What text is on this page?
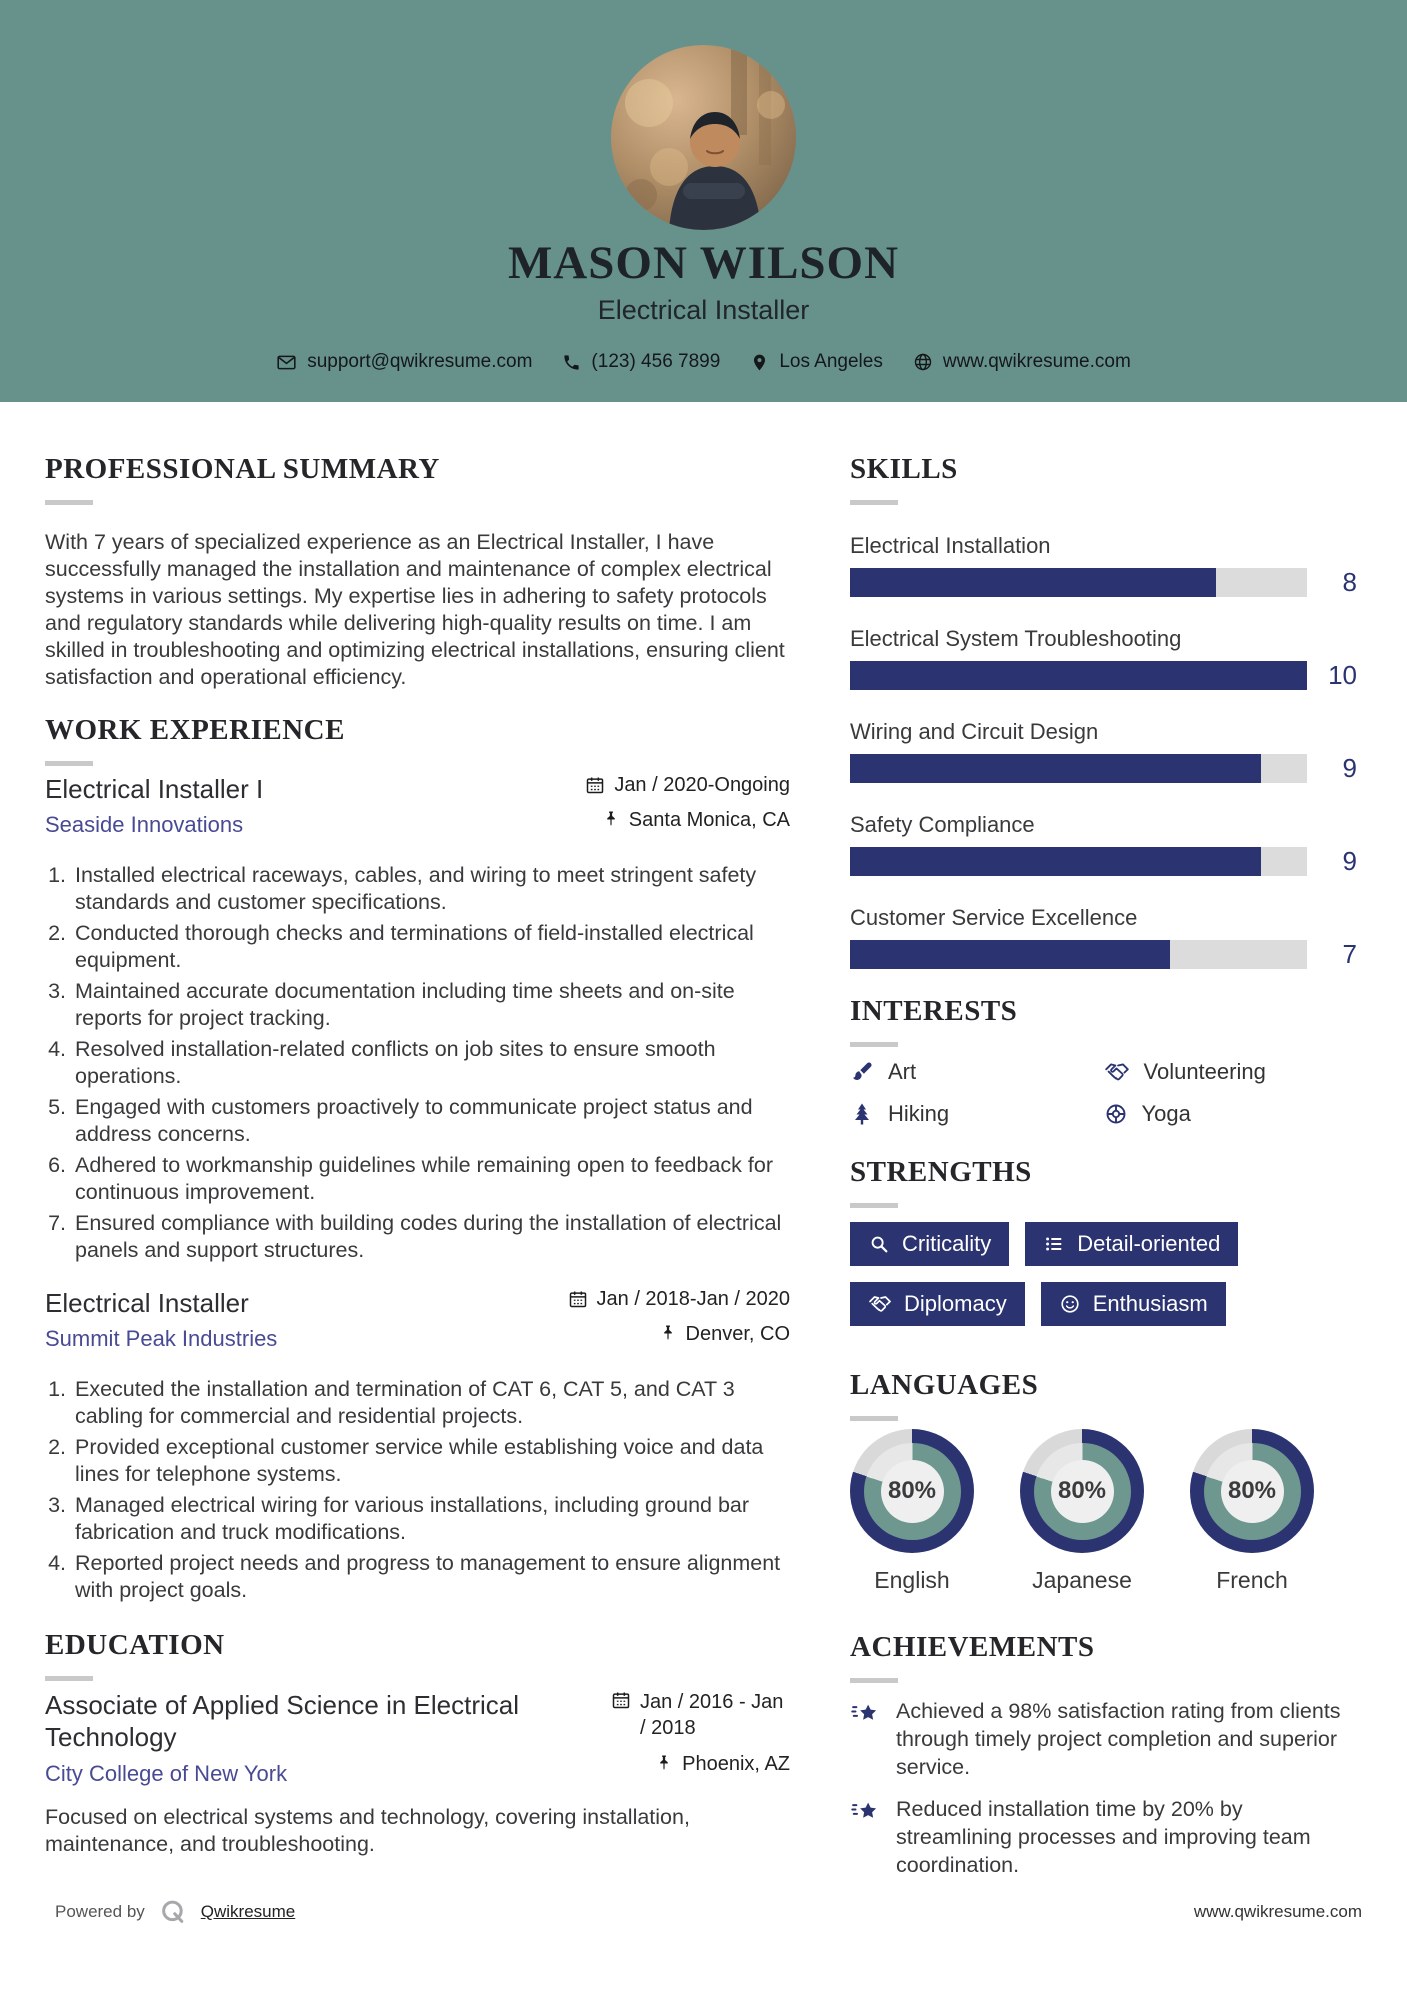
MASON WILSON
Electrical Installer
support@qwikresume.com	(123) 456 7899	Los Angeles	www.qwikresume.com
PROFESSIONAL SUMMARY

With 7 years of specialized experience as an Electrical Installer, I have successfully managed the installation and maintenance of complex electrical systems in various settings. My expertise lies in adhering to safety protocols and regulatory standards while delivering high-quality results on time. I am skilled in troubleshooting and optimizing electrical installations, ensuring client satisfaction and operational efficiency.

WORK EXPERIENCE
Electrical Installer I
Seaside Innovations
Jan / 2020-Ongoing
Santa Monica, CA
1. Installed electrical raceways, cables, and wiring to meet stringent safety standards and customer specifications.
2. Conducted thorough checks and terminations of field-installed electrical equipment.
3. Maintained accurate documentation including time sheets and on-site reports for project tracking.
4. Resolved installation-related conflicts on job sites to ensure smooth operations.
5. Engaged with customers proactively to communicate project status and address concerns.
6. Adhered to workmanship guidelines while remaining open to feedback for continuous improvement.
7. Ensured compliance with building codes during the installation of electrical panels and support structures.
Electrical Installer
Summit Peak Industries
Jan / 2018-Jan / 2020
Denver, CO
1. Executed the installation and termination of CAT 6, CAT 5, and CAT 3 cabling for commercial and residential projects.
2. Provided exceptional customer service while establishing voice and data lines for telephone systems.
3. Managed electrical wiring for various installations, including ground bar fabrication and truck modifications.
4. Reported project needs and progress to management to ensure alignment with project goals.
EDUCATION
Associate of Applied Science in Electrical Technology
City College of New York
Jan / 2016 - Jan / 2018
Phoenix, AZ

Focused on electrical systems and technology, covering installation, maintenance, and troubleshooting.

SKILLS
Electrical Installation
8
Electrical System Troubleshooting
10
Wiring and Circuit Design
9
Safety Compliance
9
Customer Service Excellence
7
INTERESTS
Art	Volunteering
Hiking	Yoga
STRENGTHS
Criticality	Detail-oriented
Diplomacy	Enthusiasm
LANGUAGES
80%
English
80%
Japanese
80%
French
ACHIEVEMENTS
Achieved a 98% satisfaction rating from clients through timely project completion and superior service.
Reduced installation time by 20% by streamlining processes and improving team coordination.
Powered by	Qwikresume	www.qwikresume.com
